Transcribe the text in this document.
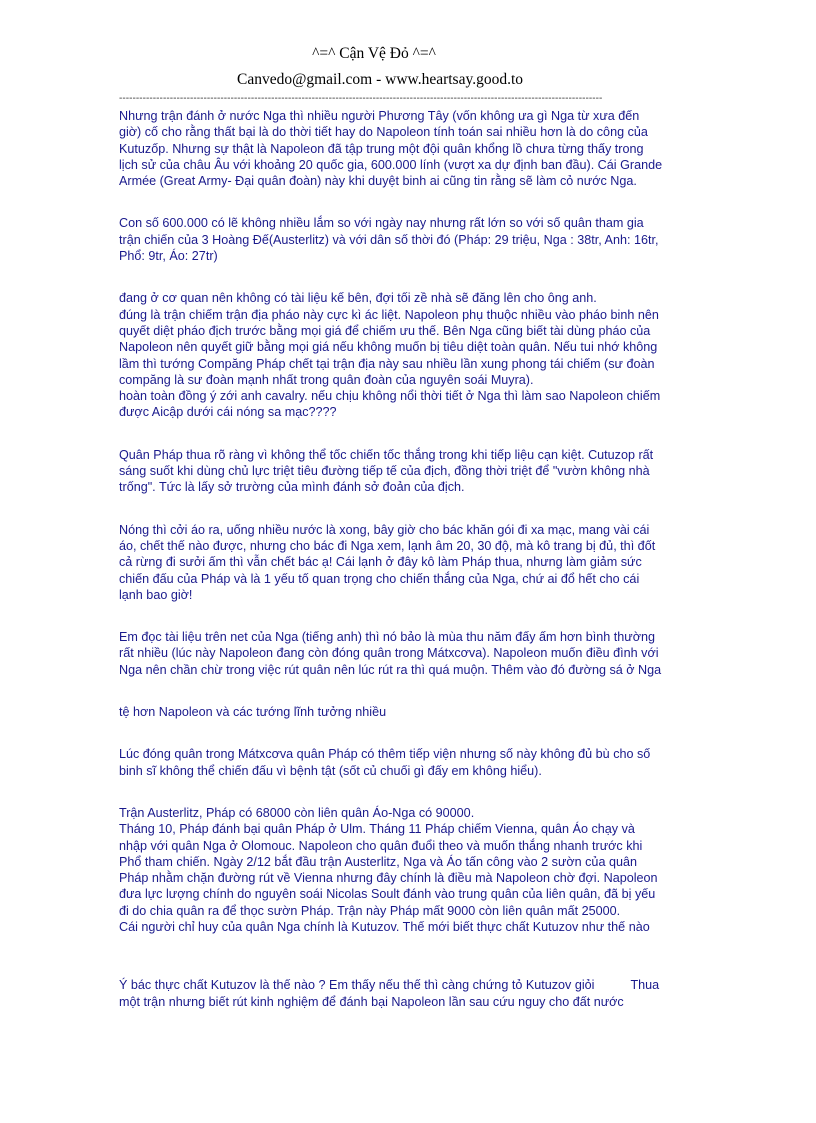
^=^ Cận Vệ Đỏ ^=^
Canvedo@gmail.com - www.heartsay.good.to
-----------------------------------------------------------------------------------------------------------------------------------------------

Nhưng trận đánh ở nước Nga thì nhiều người Phương Tây (vốn không ưa gì Nga từ xưa đến

giờ) cố cho rằng thất bại là do thời tiết hay do Napoleon tính toán sai nhiều hơn là do công của

Kutuzốp. Nhưng sự thật là Napoleon đã tập trung một đội quân khổng lồ chưa từng thấy trong

lịch sử của châu Âu với khoảng 20 quốc gia, 600.000 lính (vượt xa dự định ban đầu). Cái Grande

Armée (Great Army- Đại quân đoàn) này khi duyệt binh ai cũng tin rằng sẽ làm cỏ nước Nga.

Con số 600.000 có lẽ không nhiều lắm so với ngày nay nhưng rất lớn so với số quân tham gia

trận chiến của 3 Hoàng Đế(Austerlitz) và với dân số thời đó (Pháp: 29 triệu, Nga : 38tr, Anh: 16tr,

Phổ: 9tr, Áo: 27tr)

đang ở cơ quan nên không có tài liệu kế bên, đợi tối zề nhà sẽ đăng lên cho ông anh.

đúng là trận chiếm trận địa pháo này cực kì ác liệt. Napoleon phụ thuộc nhiều vào pháo binh nên

quyết diệt pháo địch trước bằng mọi giá để chiếm ưu thế. Bên Nga cũng biết tài dùng pháo của

Napoleon nên quyết giữ bằng mọi giá nếu không muốn bị tiêu diệt toàn quân. Nếu tui nhớ không

lầm thì tướng Compăng Pháp chết tại trận địa này sau nhiều lần xung phong tái chiếm (sư đoàn

compăng là sư đoàn mạnh nhất trong quân đoàn của nguyên soái Muyra).

hoàn toàn đồng ý zới anh cavalry. nếu chịu không nổi thời tiết ở Nga thì làm sao Napoleon chiếm

được Aicập dưới cái nóng sa mạc????

Quân Pháp thua rõ ràng vì không thể tốc chiến tốc thắng trong khi tiếp liệu cạn kiệt. Cutuzop rất

sáng suốt khi dùng chủ lực triệt tiêu đường tiếp tế của địch, đồng thời triệt để "vườn không nhà

trống". Tức là lấy sở trường của mình đánh sở đoản của địch.

Nóng thì cởi áo ra, uống nhiều nước là xong, bây giờ cho bác khăn gói đi xa mạc, mang vài cái

áo, chết thế nào được, nhưng cho bác đi Nga xem, lạnh âm 20, 30 độ, mà kô trang bị đủ, thì đốt

cả rừng đi sưởi ấm thì vẫn chết bác ạ! Cái lạnh ở đây kô làm Pháp thua, nhưng làm giảm sức

chiến đấu của Pháp và là 1 yếu tố quan trọng cho chiến thắng của Nga, chứ ai đổ hết cho cái

lạnh bao giờ!

Em đọc tài liệu trên net của Nga (tiếng anh) thì nó bảo là mùa thu năm đấy ấm hơn bình thường

rất nhiều (lúc này Napoleon đang còn đóng quân trong Mátxcơva). Napoleon muốn điều đình với

Nga nên chần chừ trong việc rút quân nên lúc rút ra thì quá muộn. Thêm vào đó đường sá ở Nga

tệ hơn Napoleon và các tướng lĩnh tưởng nhiều

Lúc đóng quân trong Mátxcơva quân Pháp có thêm tiếp viện nhưng số này không đủ bù cho số

binh sĩ không thể chiến đấu vì bệnh tật (sốt củ chuối gì đấy em không hiểu).

Trận Austerlitz, Pháp có 68000 còn liên quân Áo-Nga có 90000.

Tháng 10, Pháp đánh bại quân Pháp ở Ulm. Tháng 11 Pháp chiếm Vienna, quân Áo chạy và

nhập với quân Nga ở Olomouc. Napoleon cho quân đuổi theo và muốn thắng nhanh trước khi

Phổ tham chiến. Ngày 2/12 bắt đầu trận Austerlitz, Nga và Áo tấn công vào 2 sườn của quân

Pháp nhằm chặn đường rút về Vienna nhưng đây chính là điều mà Napoleon chờ đợi. Napoleon

đưa lực lượng chính do nguyên soái Nicolas Soult đánh vào trung quân của liên quân, đã bị yếu

đi do chia quân ra để thọc sườn Pháp. Trận này Pháp mất 9000 còn liên quân mất 25000.

Cái người chỉ huy của quân Nga chính là Kutuzov. Thế mới biết thực chất Kutuzov như thế nào

Ý bác thực chất Kutuzov là thế nào ? Em thấy nếu thế thì càng chứng tỏ Kutuzov giỏi	Thua

một trận nhưng biết rút kinh nghiệm để đánh bại Napoleon lần sau cứu nguy cho đất nước
